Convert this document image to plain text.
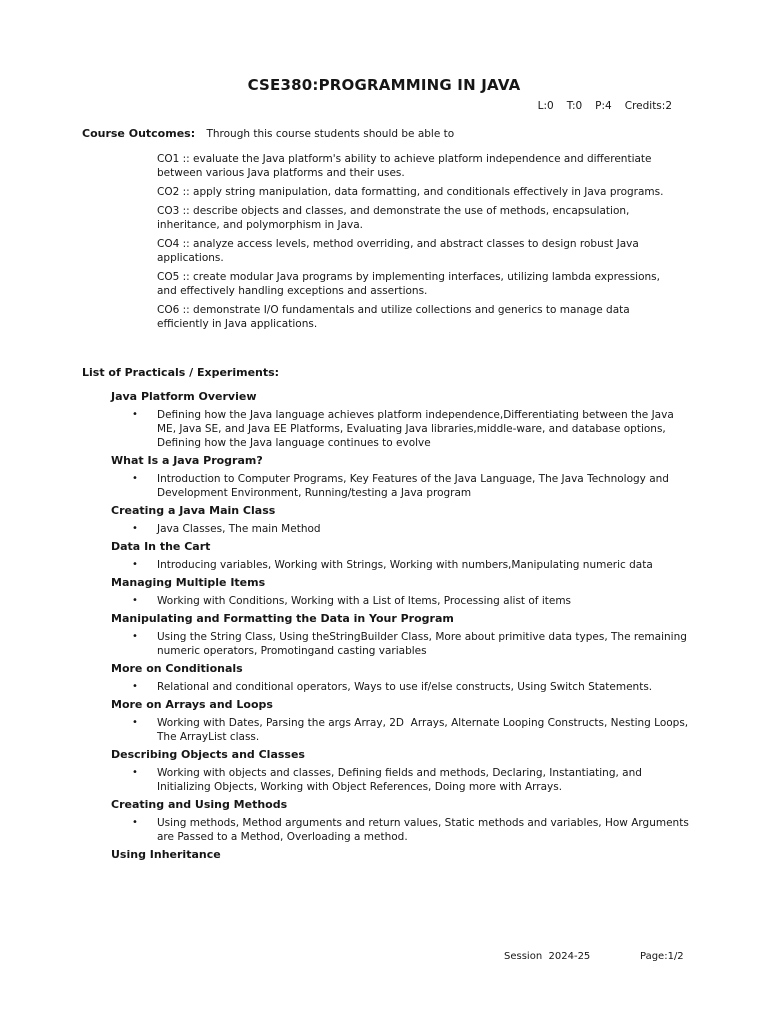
CSE380:PROGRAMMING IN JAVA
L:0 T:0 P:4 Credits:2
Course Outcomes: Through this course students should be able to

CO1 :: evaluate the Java platform's ability to achieve platform independence and differentiate between various Java platforms and their uses.

CO2 :: apply string manipulation, data formatting, and conditionals effectively in Java programs.

CO3 :: describe objects and classes, and demonstrate the use of methods, encapsulation, inheritance, and polymorphism in Java.

CO4 :: analyze access levels, method overriding, and abstract classes to design robust Java applications.

CO5 :: create modular Java programs by implementing interfaces, utilizing lambda expressions, and effectively handling exceptions and assertions.

CO6 :: demonstrate I/O fundamentals and utilize collections and generics to manage data efficiently in Java applications.

List of Practicals / Experiments:
Java Platform Overview
•	Defining how the Java language achieves platform independence,Differentiating between the Java ME, Java SE, and Java EE Platforms, Evaluating Java libraries,middle-ware, and database options, Defining how the Java language continues to evolve
What Is a Java Program?
•	Introduction to Computer Programs, Key Features of the Java Language, The Java Technology and Development Environment, Running/testing a Java program
Creating a Java Main Class
•	Java Classes, The main Method
Data In the Cart
•	Introducing variables, Working with Strings, Working with numbers,Manipulating numeric data
Managing Multiple Items
•	Working with Conditions, Working with a List of Items, Processing alist of items
Manipulating and Formatting the Data in Your Program
•	Using the String Class, Using theStringBuilder Class, More about primitive data types, The remaining numeric operators, Promotingand casting variables
More on Conditionals
•	Relational and conditional operators, Ways to use if/else constructs, Using Switch Statements.
More on Arrays and Loops
•	Working with Dates, Parsing the args Array, 2D  Arrays, Alternate Looping Constructs, Nesting Loops, The ArrayList class.
Describing Objects and Classes
•	Working with objects and classes, Defining fields and methods, Declaring, Instantiating, and Initializing Objects, Working with Object References, Doing more with Arrays.
Creating and Using Methods
•	Using methods, Method arguments and return values, Static methods and variables, How Arguments are Passed to a Method, Overloading a method.
Using Inheritance
Session  2024-25	Page:1/2
